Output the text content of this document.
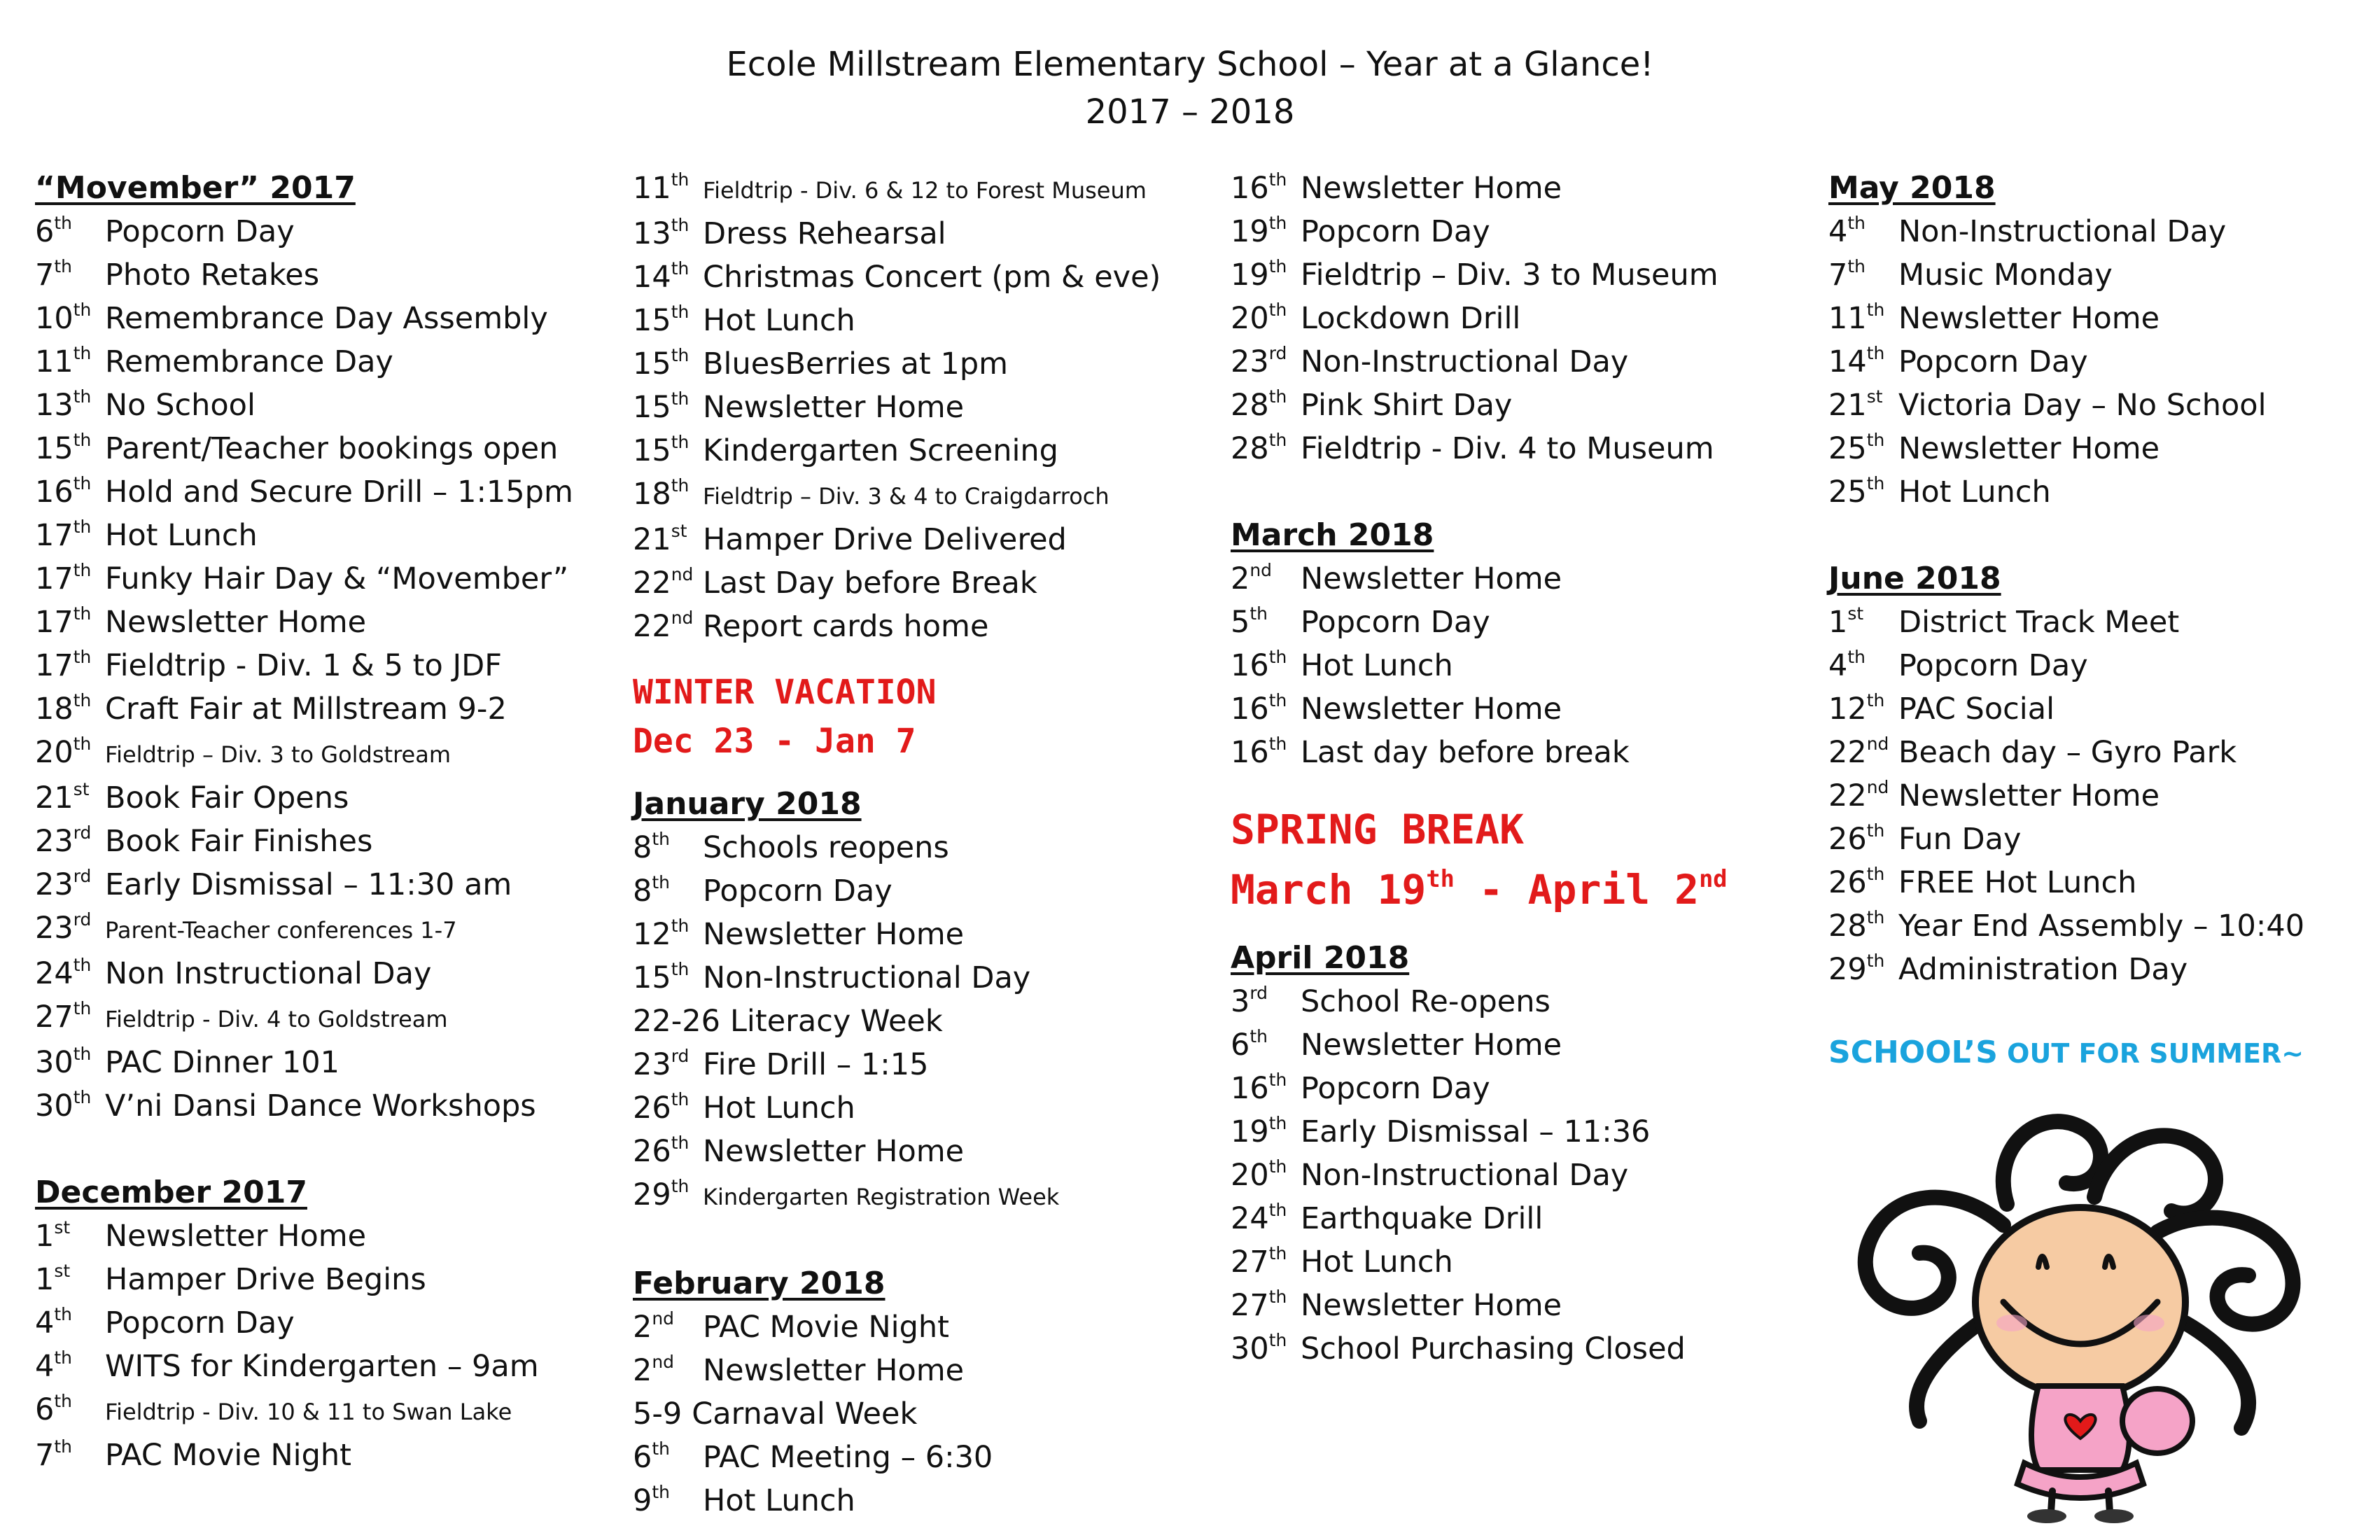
Ecole Millstream Elementary School – Year at a Glance!
2017 – 2018
“Movember” 2017
6th	Popcorn Day
7th	Photo Retakes
10th Remembrance Day Assembly
11th Remembrance Day
13th No School
15th Parent/Teacher bookings open
16th Hold and Secure Drill – 1:15pm
17th Hot Lunch
17th Funky Hair Day & “Movember”
17th Newsletter Home
17th Fieldtrip - Div. 1 & 5 to JDF
18th Craft Fair at Millstream 9-2
20th Fieldtrip – Div. 3 to Goldstream
21st Book Fair Opens
23rd Book Fair Finishes
23rd Early Dismissal – 11:30 am
23rd Parent-Teacher conferences 1-7
24th Non Instructional Day
27th Fieldtrip - Div. 4 to Goldstream
30th PAC Dinner 101
30th V’ni Dansi Dance Workshops
December 2017
1st	Newsletter Home
1st	Hamper Drive Begins
4th	Popcorn Day
4th	WITS for Kindergarten – 9am
6th	Fieldtrip - Div. 10 & 11 to Swan Lake
7th	PAC Movie Night
11th Fieldtrip - Div. 6 & 12 to Forest Museum
13th Dress Rehearsal
14th Christmas Concert (pm & eve)
15th Hot Lunch
15th BluesBerries at 1pm
15th Newsletter Home
15th Kindergarten Screening
18th Fieldtrip – Div. 3 & 4 to Craigdarroch
21st Hamper Drive Delivered
22nd Last Day before Break
22nd Report cards home
WINTER VACATION
Dec 23 - Jan 7
January 2018
8th	Schools reopens
8th	Popcorn Day
12th Newsletter Home
15th Non-Instructional Day
22-26 Literacy Week
23rd Fire Drill – 1:15
26th Hot Lunch
26th Newsletter Home
29th Kindergarten Registration Week
February 2018
2nd PAC Movie Night
2nd Newsletter Home
5-9 Carnaval Week
6th	PAC Meeting – 6:30
9th	Hot Lunch
16th Newsletter Home
19th Popcorn Day
19th Fieldtrip – Div. 3 to Museum
20th Lockdown Drill
23rd Non-Instructional Day
28th Pink Shirt Day
28th Fieldtrip - Div. 4 to Museum
March 2018
2nd Newsletter Home
5th	Popcorn Day
16th Hot Lunch
16th Newsletter Home
16th Last day before break
SPRING BREAK
March 19th - April 2nd
April 2018
3rd	School Re-opens
6th	Newsletter Home
16th Popcorn Day
19th Early Dismissal – 11:36
20th Non-Instructional Day
24th Earthquake Drill
27th Hot Lunch
27th Newsletter Home
30th School Purchasing Closed
May 2018
4th	Non-Instructional Day
7th	Music Monday
11th Newsletter Home
14th Popcorn Day
21st Victoria Day – No School
25th Newsletter Home
25th Hot Lunch
June 2018
1st	District Track Meet
4th	Popcorn Day
12th PAC Social
22nd Beach day – Gyro Park
22nd Newsletter Home
26th Fun Day
26th FREE Hot Lunch
28th Year End Assembly – 10:40
29th Administration Day
SCHOOL’S OUT FOR SUMMER~
